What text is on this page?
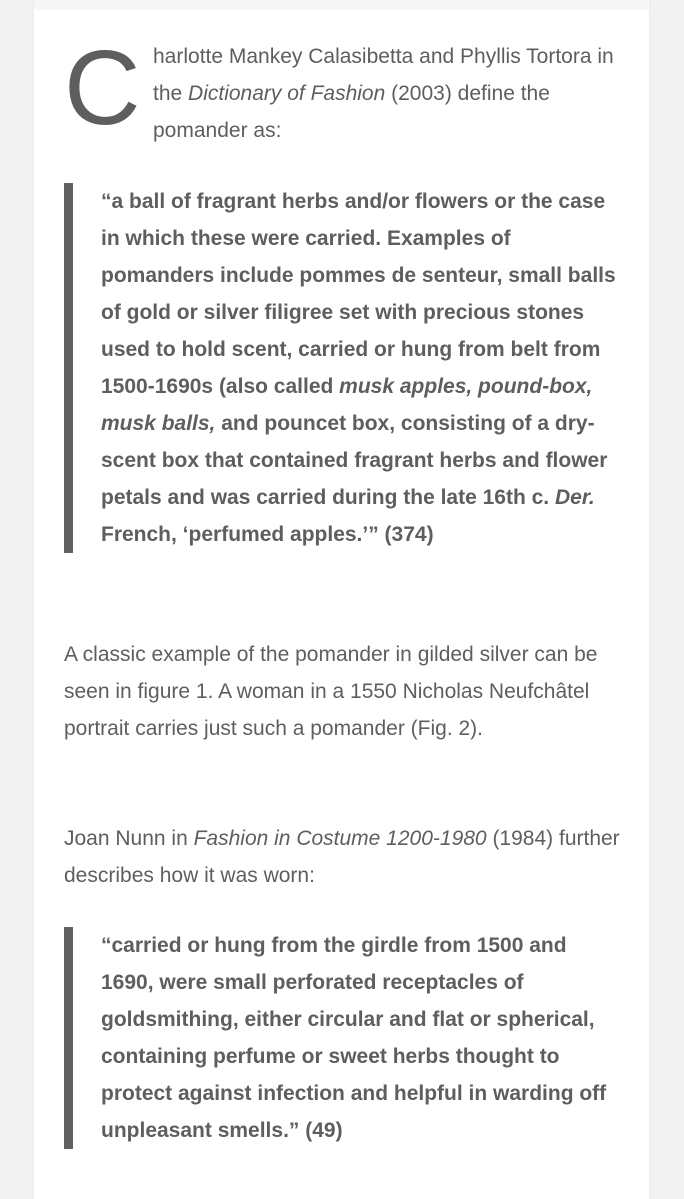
C harlotte Mankey Calasibetta and Phyllis Tortora in the Dictionary of Fashion (2003) define the pomander as:

“a ball of fragrant herbs and/or flowers or the case in which these were carried. Examples of pomanders include pommes de senteur, small balls of gold or silver filigree set with precious stones used to hold scent, carried or hung from belt from 1500-1690s (also called musk apples, pound-box, musk balls, and pouncet box, consisting of a dry-scent box that contained fragrant herbs and flower petals and was carried during the late 16th c. Der. French, ‘perfumed apples.’” (374)

A classic example of the pomander in gilded silver can be seen in figure 1. A woman in a 1550 Nicholas Neufchâtel portrait carries just such a pomander (Fig. 2).

Joan Nunn in Fashion in Costume 1200-1980 (1984) further describes how it was worn:

“carried or hung from the girdle from 1500 and 1690, were small perforated receptacles of goldsmithing, either circular and flat or spherical, containing perfume or sweet herbs thought to protect against infection and helpful in warding off unpleasant smells.” (49)
